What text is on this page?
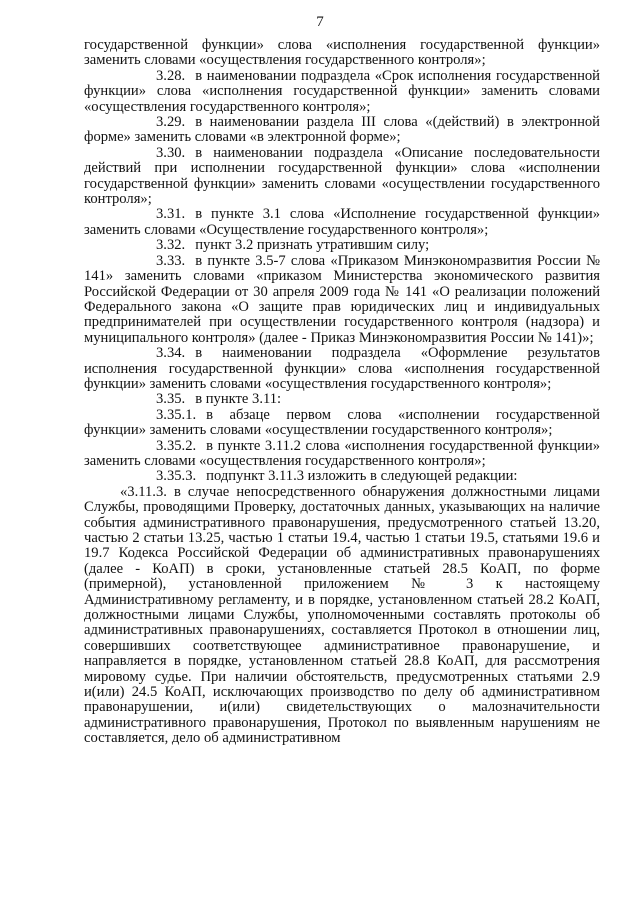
7

государственной функции» слова «исполнения государственной функции» заменить словами «осуществления государственного контроля»;

3.28. в наименовании подраздела «Срок исполнения государственной функции» слова «исполнения государственной функции» заменить словами «осуществления государственного контроля»;

3.29. в наименовании раздела III слова «(действий) в электронной форме» заменить словами «в электронной форме»;

3.30. в наименовании подраздела «Описание последовательности действий при исполнении государственной функции» слова «исполнении государственной функции» заменить словами «осуществлении государственного контроля»;

3.31. в пункте 3.1 слова «Исполнение государственной функции» заменить словами «Осуществление государственного контроля»;

3.32. пункт 3.2 признать утратившим силу;

3.33. в пункте 3.5-7 слова «Приказом Минэкономразвития России № 141» заменить словами «приказом Министерства экономического развития Российской Федерации от 30 апреля 2009 года № 141 «О реализации положений Федерального закона «О защите прав юридических лиц и индивидуальных предпринимателей при осуществлении государственного контроля (надзора) и муниципального контроля» (далее - Приказ Минэкономразвития России № 141)»;

3.34. в наименовании подраздела «Оформление результатов исполнения государственной функции» слова «исполнения государственной функции» заменить словами «осуществления государственного контроля»;

3.35. в пункте 3.11:

3.35.1. в абзаце первом слова «исполнении государственной функции» заменить словами «осуществлении государственного контроля»;

3.35.2. в пункте 3.11.2 слова «исполнения государственной функции» заменить словами «осуществления государственного контроля»;

3.35.3. подпункт 3.11.3 изложить в следующей редакции:

«3.11.3. в случае непосредственного обнаружения должностными лицами Службы, проводящими Проверку, достаточных данных, указывающих на наличие события административного правонарушения, предусмотренного статьей 13.20, частью 2 статьи 13.25, частью 1 статьи 19.4, частью 1 статьи 19.5, статьями 19.6 и 19.7 Кодекса Российской Федерации об административных правонарушениях (далее - КоАП) в сроки, установленные статьей 28.5 КоАП, по форме (примерной), установленной приложением № 3 к настоящему Административному регламенту, и в порядке, установленном статьей 28.2 КоАП, должностными лицами Службы, уполномоченными составлять протоколы об административных правонарушениях, составляется Протокол в отношении лиц, совершивших соответствующее административное правонарушение, и направляется в порядке, установленном статьей 28.8 КоАП, для рассмотрения мировому судье. При наличии обстоятельств, предусмотренных статьями 2.9 и(или) 24.5 КоАП, исключающих производство по делу об административном правонарушении, и(или) свидетельствующих о малозначительности административного правонарушения, Протокол по выявленным нарушениям не составляется, дело об административном
